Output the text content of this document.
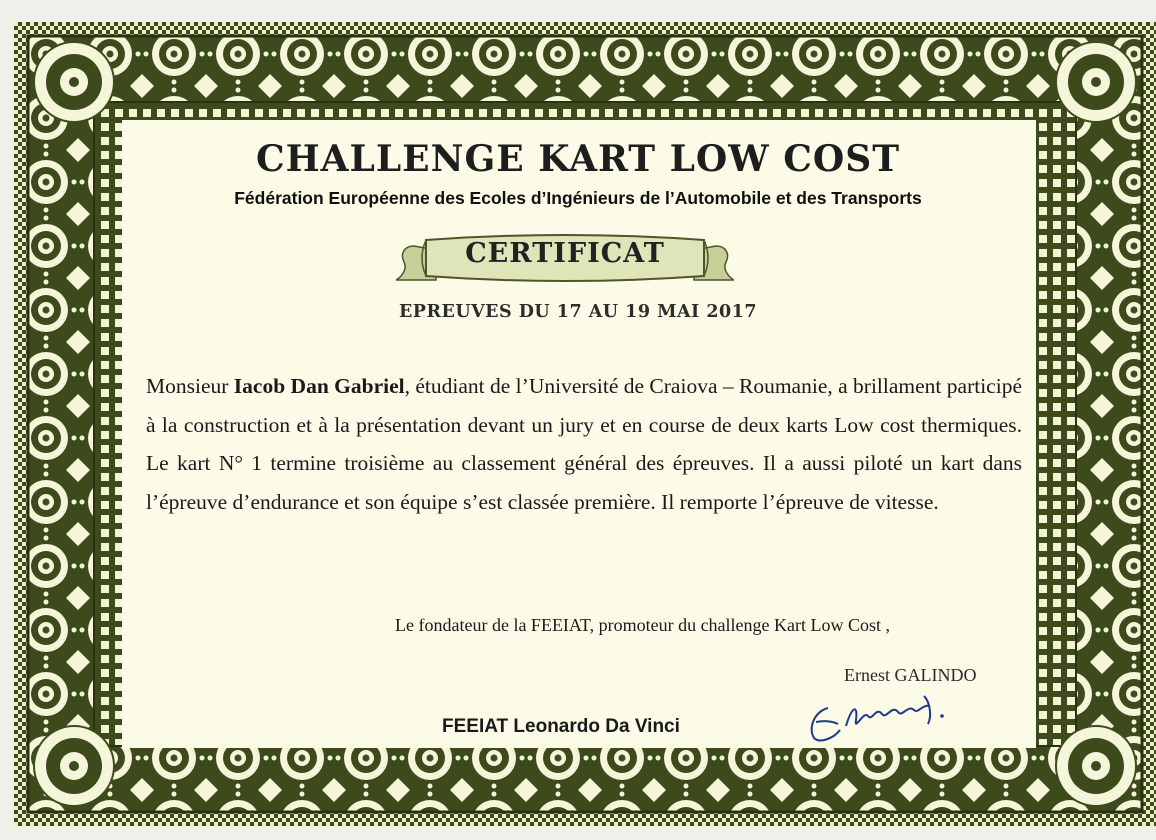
CHALLENGE KART LOW COST
Fédération Européenne des Ecoles d’Ingénieurs de l’Automobile et des Transports
CERTIFICAT
EPREUVES DU 17 AU 19 MAI 2017
Monsieur Iacob Dan Gabriel, étudiant de l’Université de Craiova – Roumanie, a brillament participé à la construction et à la présentation devant un jury et en course de deux karts Low cost thermiques. Le kart N° 1 termine troisième au classement général des épreuves. Il a aussi piloté un kart dans l’épreuve d’endurance et son équipe s’est classée première. Il remporte l’épreuve de vitesse.
Le fondateur de la FEEIAT, promoteur du challenge Kart Low Cost ,
Ernest GALINDO
FEEIAT Leonardo Da Vinci
